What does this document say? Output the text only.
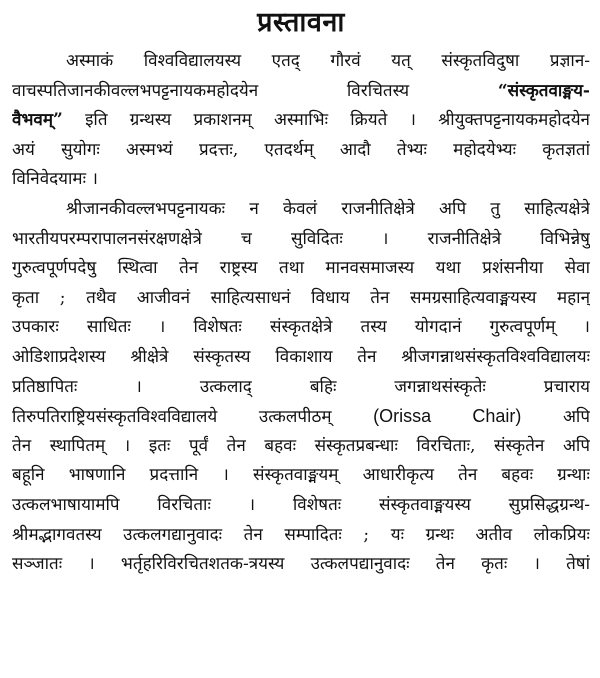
प्रस्तावना
अस्माकं विश्वविद्यालयस्य एतद् गौरवं यत् संस्कृतविदुषा प्रज्ञान-
वाचस्पतिजानकीवल्लभपट्टनायकमहोदयेन विरचितस्य “संस्कृतवाङ्मय-
वैभवम्” इति ग्रन्थस्य प्रकाशनम् अस्माभिः क्रियते । श्रीयुक्तपट्टनायकमहोदयेन
अयं सुयोगः अस्मभ्यं प्रदत्तः, एतदर्थम् आदौ तेभ्यः महोदयेभ्यः कृतज्ञतां
विनिवेदयामः ।
श्रीजानकीवल्लभपट्टनायकः न केवलं राजनीतिक्षेत्रे अपि तु साहित्यक्षेत्रे
भारतीयपरम्परापालनसंरक्षणक्षेत्रे च सुविदितः । राजनीतिक्षेत्रे विभिन्नेषु
गुरुत्वपूर्णपदेषु स्थित्वा तेन राष्ट्रस्य तथा मानवसमाजस्य यथा प्रशंसनीया सेवा
कृता ; तथैव आजीवनं साहित्यसाधनं विधाय तेन समग्रसाहित्यवाङ्मयस्य महान्
उपकारः साधितः । विशेषतः संस्कृतक्षेत्रे तस्य योगदानं गुरुत्वपूर्णम् ।
ओडिशाप्रदेशस्य श्रीक्षेत्रे संस्कृतस्य विकाशाय तेन श्रीजगन्नाथसंस्कृतविश्वविद्यालयः
प्रतिष्ठापितः । उत्कलाद् बहिः जगन्नाथसंस्कृतेः प्रचाराय
तिरुपतिराष्ट्रियसंस्कृतविश्वविद्यालये उत्कलपीठम् (Orissa Chair) अपि
तेन स्थापितम् । इतः पूर्वं तेन बहवः संस्कृतप्रबन्धाः विरचिताः, संस्कृतेन अपि
बहूनि भाषणानि प्रदत्तानि । संस्कृतवाङ्मयम् आधारीकृत्य तेन बहवः ग्रन्थाः
उत्कलभाषायामपि विरचिताः । विशेषतः संस्कृतवाङ्मयस्य सुप्रसिद्धग्रन्थ-
श्रीमद्भागवतस्य उत्कलगद्यानुवादः तेन सम्पादितः ; यः ग्रन्थः अतीव लोकप्रियः
सञ्जातः । भर्तृहरिविरचितशतक-त्रयस्य उत्कलपद्यानुवादः तेन कृतः । तेषां
